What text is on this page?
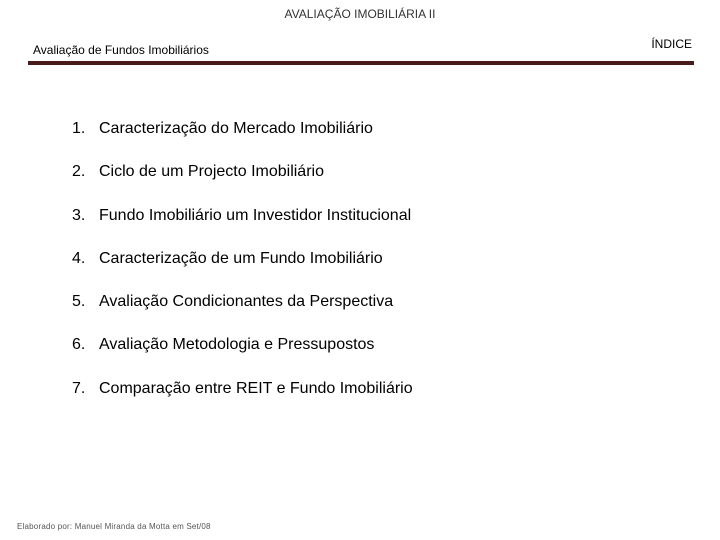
AVALIAÇÃO IMOBILIÁRIA II
Avaliação de Fundos Imobiliários	ÍNDICE
1. Caracterização do Mercado Imobiliário
2. Ciclo de um Projecto Imobiliário
3. Fundo Imobiliário um Investidor Institucional
4. Caracterização de um Fundo Imobiliário
5. Avaliação Condicionantes da Perspectiva
6. Avaliação Metodologia e Pressupostos
7. Comparação entre REIT e Fundo Imobiliário
Elaborado por: Manuel Miranda da Motta em Set/08
